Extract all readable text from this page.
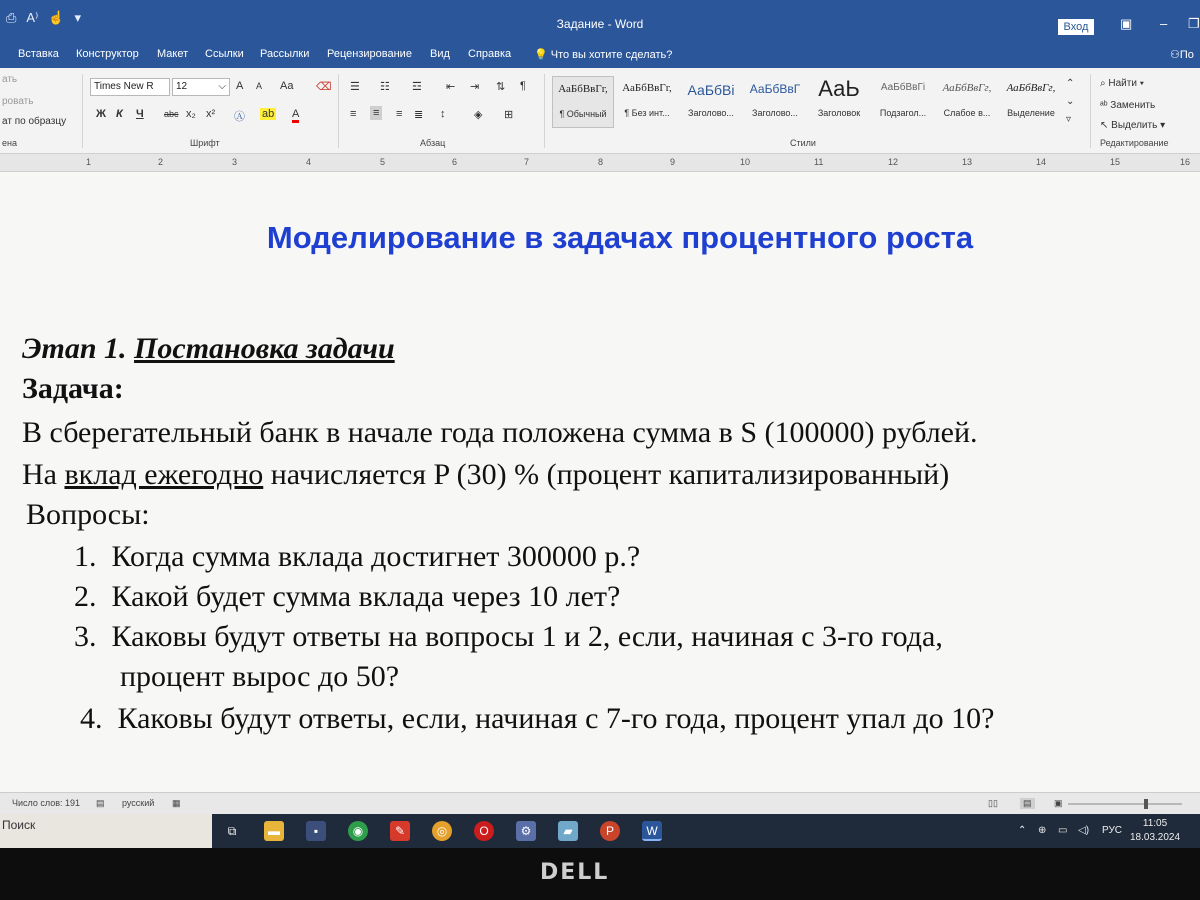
⎙ A⁾ ☝ ▾	Задание - Word	Вход	▣ – ❐
Вставка Конструктор Макет Ссылки Рассылки Рецензирование Вид Справка 💡 Что вы хотите сделать?	⚇По
ать
ровать
ат по образцу
ена
Times New R	12	⌵ A A Aa ⌫
Ж К Ч abc x₂ x² Ⓐ ab A
Шрифт
☰ ☷ ☲ ⇤ ⇥ ⇅ ¶
≡ ≡ ≡ ≣ ↕	◈ ⊞
Абзац
АаБбВвГг,
¶ Обычный
АаБбВвГг,
¶ Без инт...
АаБбВі
Заголово...
АаБбВвГ
Заголово...
АаЬ
Заголовок
АаБбВвГі
Подзагол...
АаБбВвГг,
Слабое в...
АаБбВвГг,
Выделение
⌃
⌄
▿
Стили
⌕ Найти ▾
ᵃᵇ Заменить
↖ Выделить ▾
Редактирование
1	2	3	4	5	6	7	8	9	10	11	12	13	14	15	16
Моделирование в задачах процентного роста
Этап 1. Постановка задачи
Задача:
В сберегательный банк в начале года положена сумма в S (100000) рублей.
На вклад ежегодно начисляется P (30) % (процент капитализированный)
Вопросы:
1. Когда сумма вклада достигнет 300000 р.?
2. Какой будет сумма вклада через 10 лет?
3. Каковы будут ответы на вопросы 1 и 2, если, начиная с 3-го года,
процент вырос до 50?
4. Каковы будут ответы, если, начиная с 7-го года, процент упал до 10?
Число слов: 191 ▤ русский ▦	▯▯	▤	▣
Поиск	⧉	▬	▪	◉	✎	◎	O	⚙	▰	P	W	⌃ ⊕ ▭ ◁) РУС
11:05
18.03.2024
DELL
